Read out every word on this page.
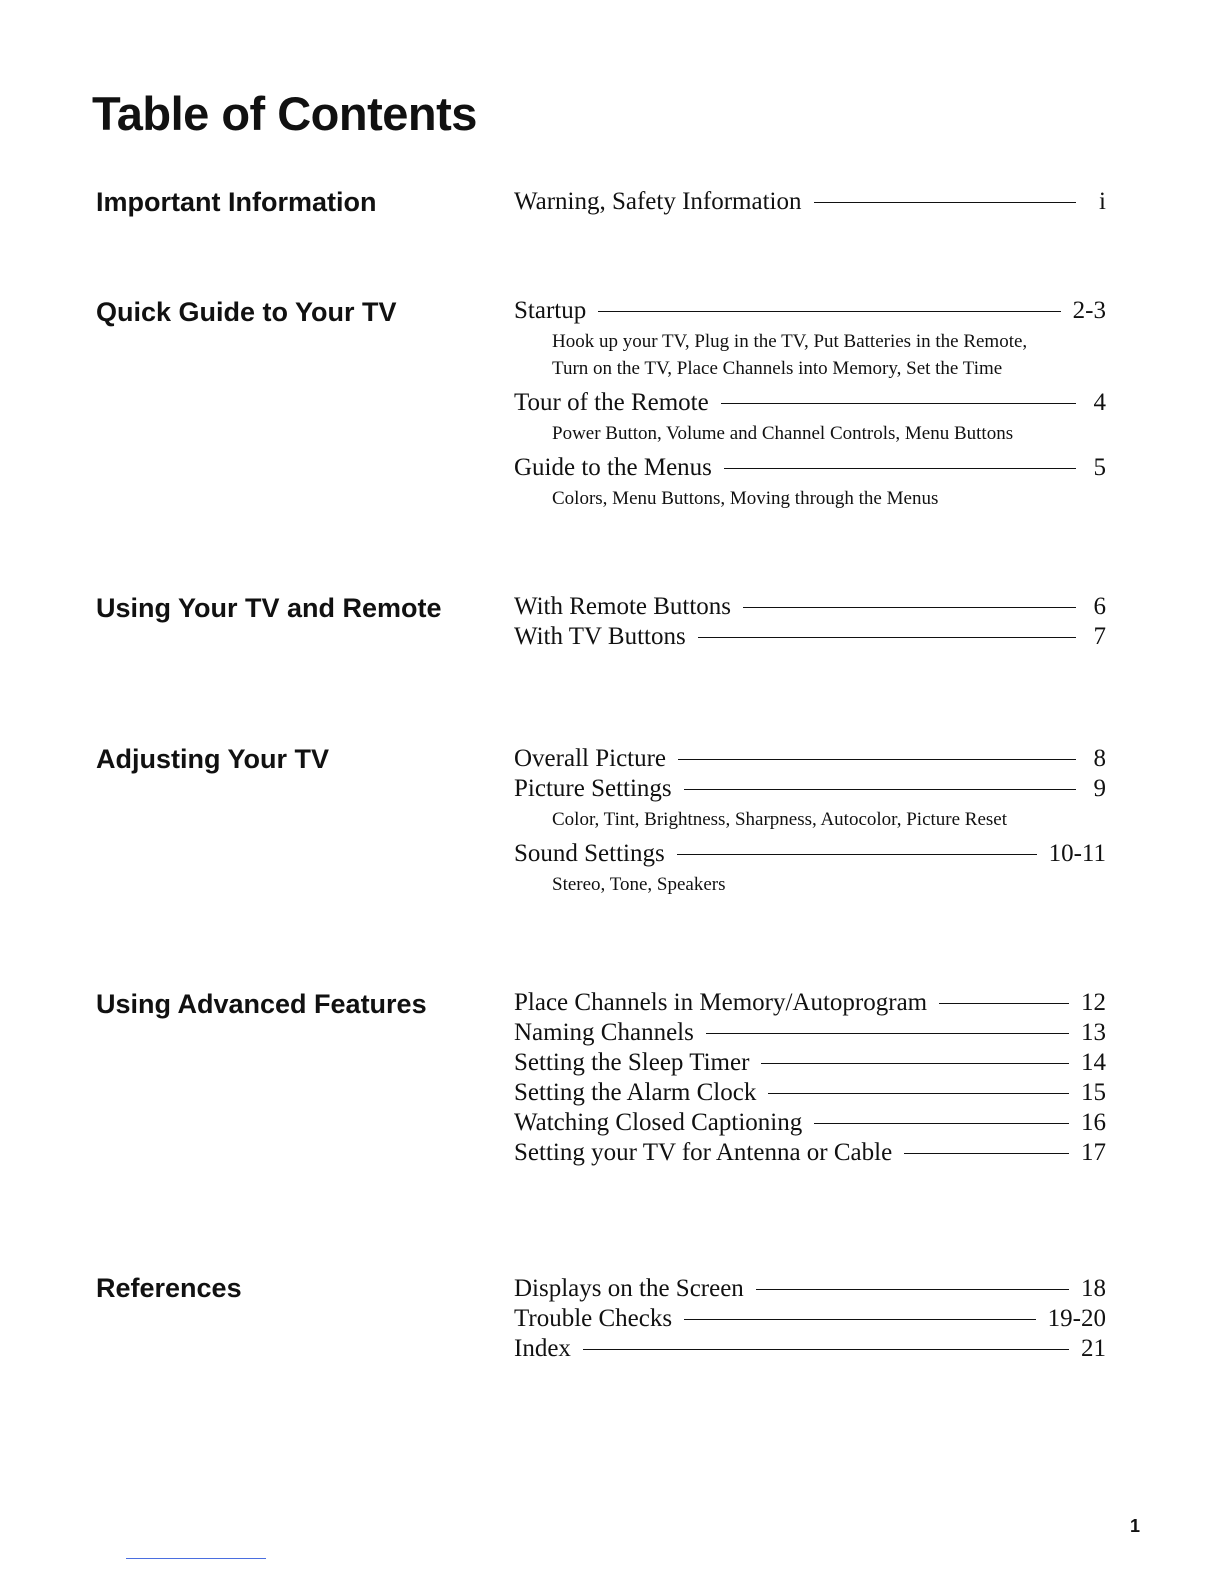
Table of Contents
Important Information	Warning, Safety Information	i
Quick Guide to Your TV	Startup	2-3
Hook up your TV, Plug in the TV, Put Batteries in the Remote,
Turn on the TV, Place Channels into Memory, Set the Time
Tour of the Remote	4
Power Button, Volume and Channel Controls, Menu Buttons
Guide to the Menus	5
Colors, Menu Buttons, Moving through the Menus
Using Your TV and Remote	With Remote Buttons	6
With TV Buttons	7
Adjusting Your TV	Overall Picture	8
Picture Settings	9
Color, Tint, Brightness, Sharpness, Autocolor, Picture Reset
Sound Settings	10-11
Stereo, Tone, Speakers
Using Advanced Features	Place Channels in Memory/Autoprogram	12
Naming Channels	13
Setting the Sleep Timer	14
Setting the Alarm Clock	15
Watching Closed Captioning	16
Setting your TV for Antenna or Cable	17
References	Displays on the Screen	18
Trouble Checks	19-20
Index	21
1
